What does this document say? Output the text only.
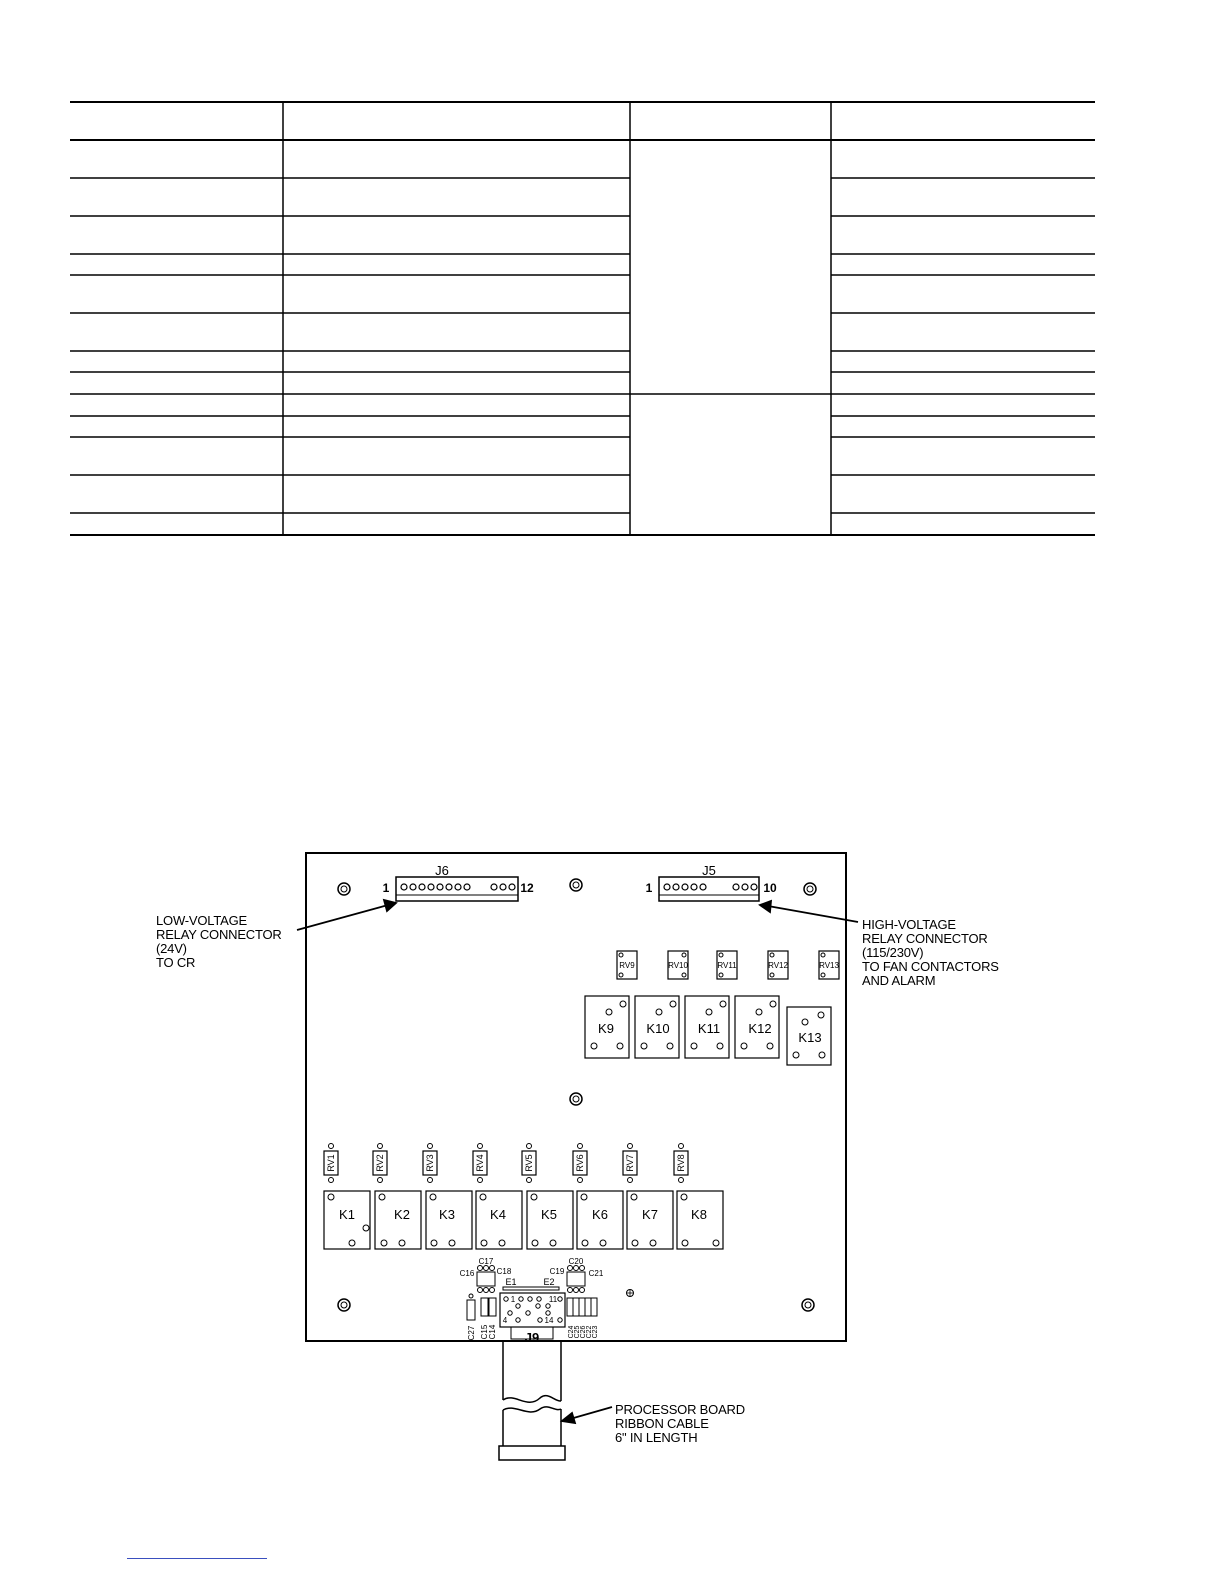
J6
1	12
J5
1	10
RV9	RV10	RV11	RV12	RV13
K9 K10 K11 K12
K13
RV1	RV2	RV3	RV4	RV5	RV6	RV7	RV8
K1	K2 K3	K4	K5	K6	K7	K8
C17
C16	C18
C20
C19	C21
C27 C15 C14	C24 C25 C26 C22 C23
E1	E2
1	11
4	14
J9
LOW-VOLTAGE
RELAY CONNECTOR
(24V)
TO CR
HIGH-VOLTAGE
RELAY CONNECTOR
(115/230V)
TO FAN CONTACTORS
AND ALARM
PROCESSOR BOARD
RIBBON CABLE
6" IN LENGTH
